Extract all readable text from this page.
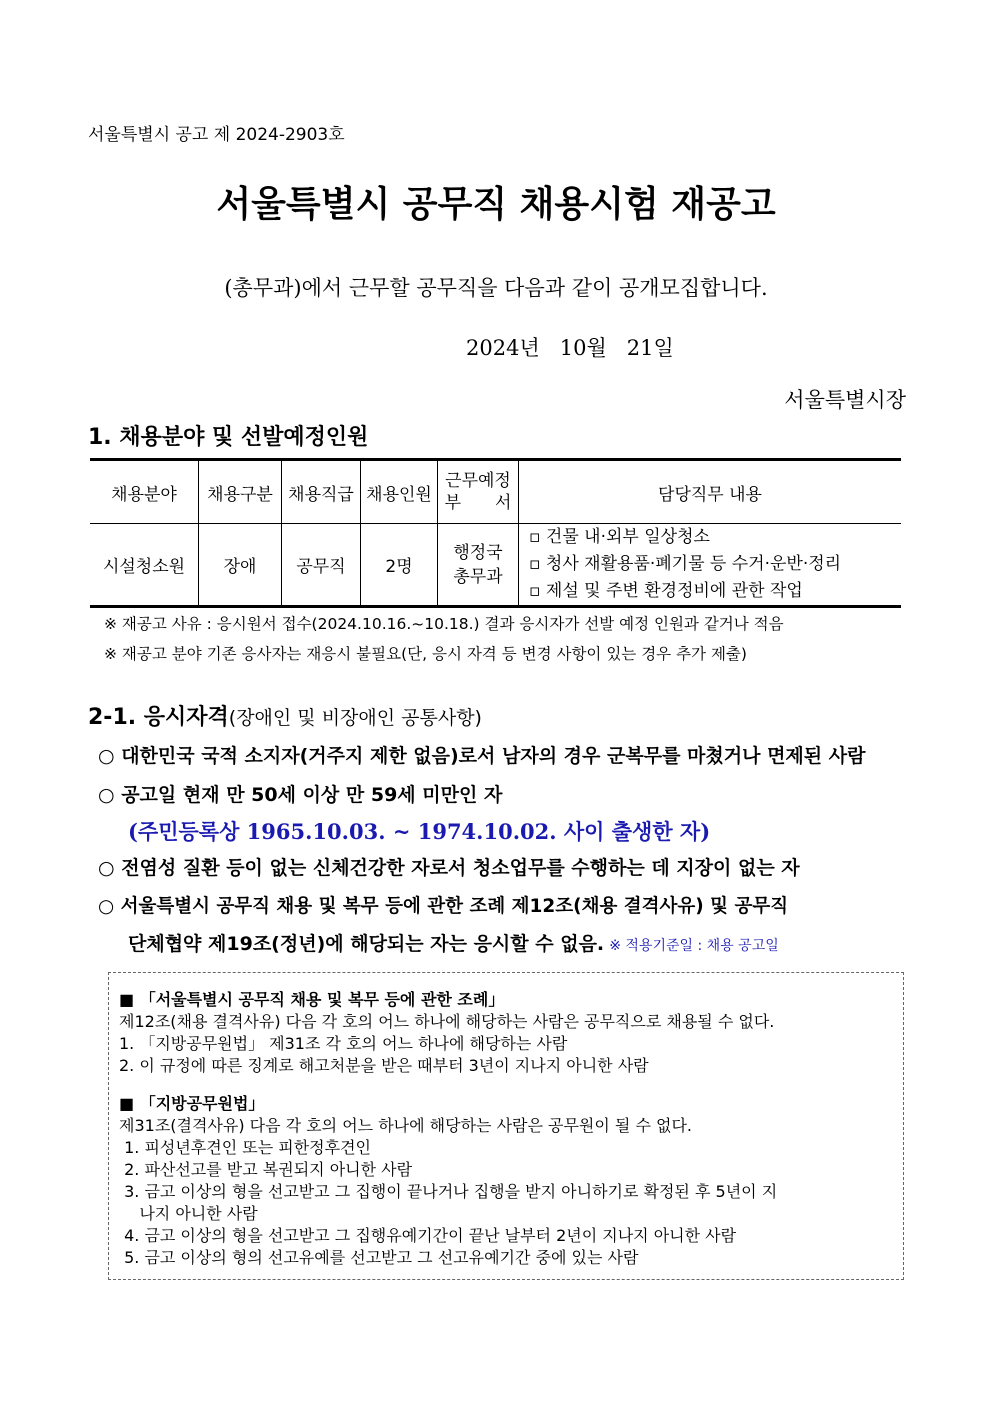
서울특별시 공고 제 2024-2903호
서울특별시 공무직 채용시험 재공고
(총무과)에서 근무할 공무직을 다음과 같이 공개모집합니다.
2024년   10월   21일
서울특별시장
1. 채용분야 및 선발예정인원
채용분야	채용구분	채용직급	채용인원	근무예정 부　　서	담당직무 내용
시설청소원	장애	공무직	2명	행정국 총무과	▫ 건물 내·외부 일상청소
▫ 청사 재활용품·폐기물 등 수거·운반·정리
▫ 제설 및 주변 환경정비에 관한 작업
※ 재공고 사유 : 응시원서 접수(2024.10.16.~10.18.) 결과 응시자가 선발 예정 인원과 같거나 적음
※ 재공고 분야 기존 응사자는 재응시 불필요(단, 응시 자격 등 변경 사항이 있는 경우 추가 제출)
2-1. 응시자격(장애인 및 비장애인 공통사항)
○ 대한민국 국적 소지자(거주지 제한 없음)로서 남자의 경우 군복무를 마쳤거나 면제된 사람
○ 공고일 현재 만 50세 이상 만 59세 미만인 자
(주민등록상 1965.10.03. ~ 1974.10.02. 사이 출생한 자)
○ 전염성 질환 등이 없는 신체건강한 자로서 청소업무를 수행하는 데 지장이 없는 자
○ 서울특별시 공무직 채용 및 복무 등에 관한 조례 제12조(채용 결격사유) 및 공무직
단체협약 제19조(정년)에 해당되는 자는 응시할 수 없음. ※ 적용기준일 : 채용 공고일
■ 「서울특별시 공무직 채용 및 복무 등에 관한 조례」
제12조(채용 결격사유) 다음 각 호의 어느 하나에 해당하는 사람은 공무직으로 채용될 수 없다.
1. 「지방공무원법」 제31조 각 호의 어느 하나에 해당하는 사람
2. 이 규정에 따른 징계로 해고처분을 받은 때부터 3년이 지나지 아니한 사람
■ 「지방공무원법」
제31조(결격사유) 다음 각 호의 어느 하나에 해당하는 사람은 공무원이 될 수 없다.
1. 피성년후견인 또는 피한정후견인
2. 파산선고를 받고 복권되지 아니한 사람
3. 금고 이상의 형을 선고받고 그 집행이 끝나거나 집행을 받지 아니하기로 확정된 후 5년이 지
나지 아니한 사람
4. 금고 이상의 형을 선고받고 그 집행유예기간이 끝난 날부터 2년이 지나지 아니한 사람
5. 금고 이상의 형의 선고유예를 선고받고 그 선고유예기간 중에 있는 사람
